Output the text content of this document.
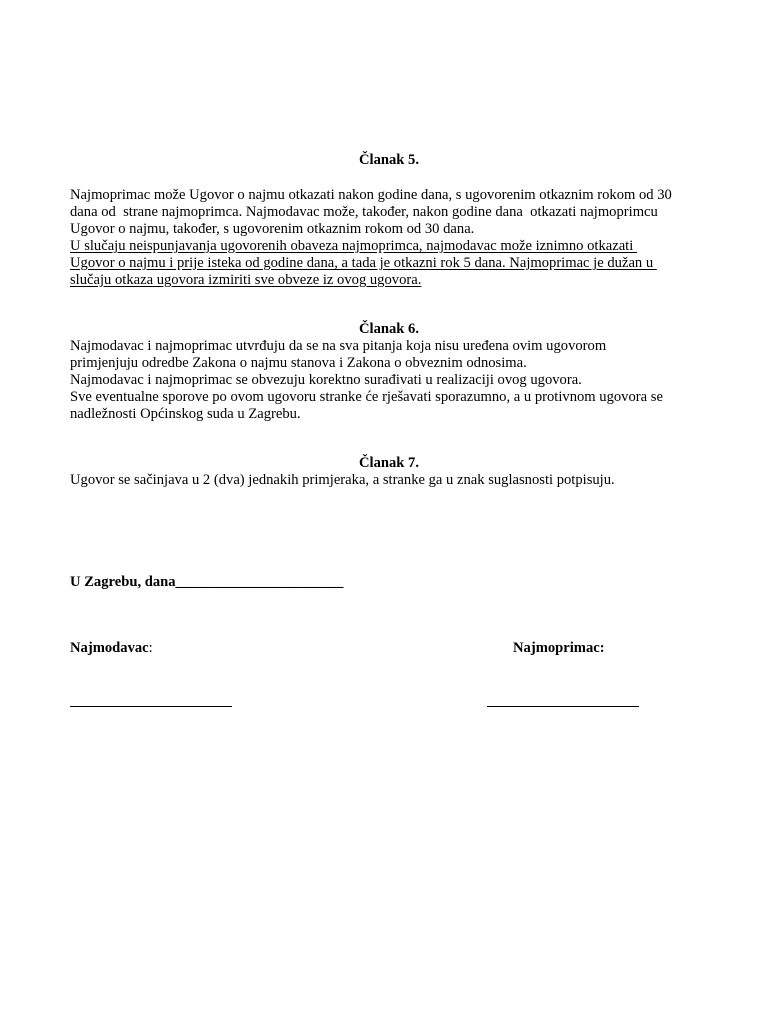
Članak 5.
Najmoprimac može Ugovor o najmu otkazati nakon godine dana, s ugovorenim otkaznim rokom od 30
dana od  strane najmoprimca. Najmodavac može, također, nakon godine dana  otkazati najmoprimcu
Ugovor o najmu, također, s ugovorenim otkaznim rokom od 30 dana.
U slučaju neispunjavanja ugovorenih obaveza najmoprimca, najmodavac može iznimno otkazati
Ugovor o najmu i prije isteka od godine dana, a tada je otkazni rok 5 dana. Najmoprimac je dužan u
slučaju otkaza ugovora izmiriti sve obveze iz ovog ugovora.
Članak 6.
Najmodavac i najmoprimac utvrđuju da se na sva pitanja koja nisu uređena ovim ugovorom
primjenjuju odredbe Zakona o najmu stanova i Zakona o obveznim odnosima.
Najmodavac i najmoprimac se obvezuju korektno surađivati u realizaciji ovog ugovora.
Sve eventualne sporove po ovom ugovoru stranke će rješavati sporazumno, a u protivnom ugovora se
nadležnosti Općinskog suda u Zagrebu.
Članak 7.
Ugovor se sačinjava u 2 (dva) jednakih primjeraka, a stranke ga u znak suglasnosti potpisuju.
U Zagrebu, dana_______________________
Najmodavac:	Najmoprimac:
